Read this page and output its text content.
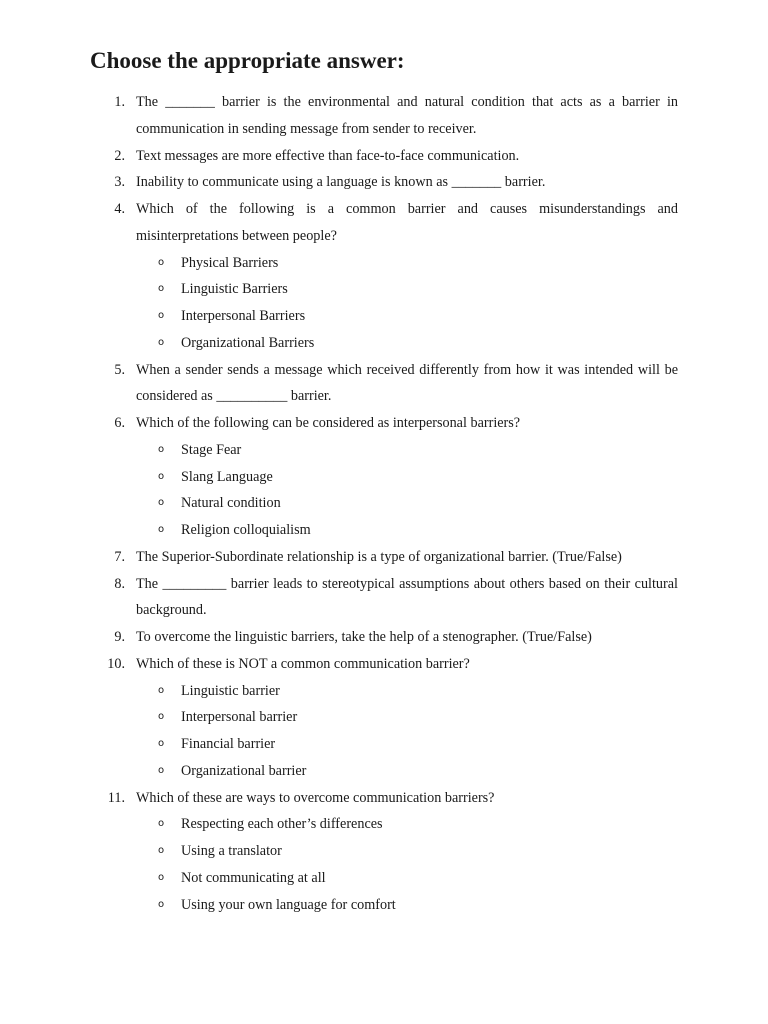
Choose the appropriate answer:
1. The _______ barrier is the environmental and natural condition that acts as a barrier in communication in sending message from sender to receiver.
2. Text messages are more effective than face-to-face communication.
3. Inability to communicate using a language is known as _______ barrier.
4. Which of the following is a common barrier and causes misunderstandings and misinterpretations between people?
o Physical Barriers
o Linguistic Barriers
o Interpersonal Barriers
o Organizational Barriers
5. When a sender sends a message which received differently from how it was intended will be considered as __________ barrier.
6. Which of the following can be considered as interpersonal barriers?
o Stage Fear
o Slang Language
o Natural condition
o Religion colloquialism
7. The Superior-Subordinate relationship is a type of organizational barrier. (True/False)
8. The _________ barrier leads to stereotypical assumptions about others based on their cultural background.
9. To overcome the linguistic barriers, take the help of a stenographer. (True/False)
10. Which of these is NOT a common communication barrier?
o Linguistic barrier
o Interpersonal barrier
o Financial barrier
o Organizational barrier
11. Which of these are ways to overcome communication barriers?
o Respecting each other’s differences
o Using a translator
o Not communicating at all
o Using your own language for comfort
